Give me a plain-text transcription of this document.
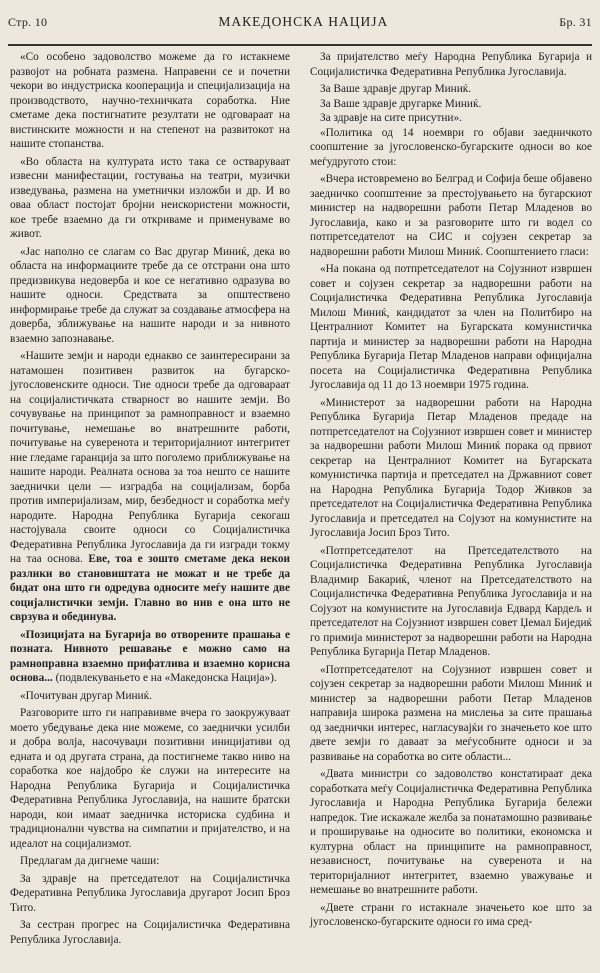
Стр. 10	МАКЕДОНСКА НАЦИЈА	Бр. 31

«Со особено задоволство можеме да го истакнеме развојот на робната размена. Направени се и почетни чекори во индустриска кооперација и специјализација на производството, научно-техничката соработка. Ние сметаме дека постигнатите резултати не одговараат на вистинските можности и на степенот на развитокот на нашите стопанства.

«Во областа на културата исто така се остваруваат извесни манифестации, гостувања на театри, музички изведувања, размена на уметнички изложби и др. И во оваа област постојат бројни неискористени можности, кое требе взаемно да ги откриваме и применуваме во живот.

«Јас наполно се слагам со Вас другар Миниќ, дека во областа на информациите требе да се отстрани она што предизвикува недоверба и кое се негативно одразува во нашите односи. Средствата за општествено информирање требе да служат за создавање атмосфера на доверба, зближување на нашите народи и за нивното взаемно запознавање.

«Нашите земји и народи еднакво се заинтересирани за натамошен позитивен развиток на бугарско-југословенските односи. Тие односи требе да одговараат на социјалистичката стварност во нашите земји. Во сочувување на принципот за рамноправност и взаемно почитување, немешање во внатрешните работи, почитување на суверенота и територијалниот интегритет ние гледаме гаранција за што поголемо приближување на нашите народи. Реалната основа за тоа нешто се нашите заеднички цели — изградба на социјализам, борба против империјализам, мир, безбедност и соработка меѓу народите. Народна Република Бугарија секогаш настојувала своите односи со Социјалистичка Федеративна Република Југославија да ги изгради токму на таа основа. Еве, тоа е зошто сметаме дека некои разлики во становиштата не можат и не требе да бидат она што ги одредува односите меѓу нашите две социјалистички земји. Главно во нив е она што не сврзува и обединува.

«Позицијата на Бугарија во отворените прашања е позната. Нивното решавање е можно само на рамноправна взаемно прифатлива и взаемно корисна основа... (подвлекуваньето е на «Македонска Нација»).

«Почитуван другар Миниќ.

Разговорите што ги направивме вчера го заокружуваат моето убедување дека ние можеме, со заеднички усилби и добра волја, насочуваџи позитивни иницијативи од едната и од другата страна, да постигнеме такво ниво на соработка кое најдобро ќе служи на интересите на Народна Република Бугарија и Социјалистичка Федеративна Република Југославија, на нашите братски народи, кои имаат заедничка историска судбина и традиционални чувства на симпатии и пријателство, и на идеалот на социјализмот.

Предлагам да дигнеме чаши:

За здравје на претседателот на Социјалистичка Федеративна Република Југославија другарот Јосип Броз Тито.

За сестран прогрес на Социјалистичка Федеративна Република Југославија.

За пријателство меѓу Народна Република Бугарија и Социјалистичка Федеративна Република Југославија.

За Ваше здравје другар Миниќ.
За Ваше здравје другарке Миниќ.
За здравје на сите присутни».

«Политика од 14 ноември го објави заедничкото соопштение за југословенско-бугарските односи во кое меѓудругото стои:

«Вчера истовремено во Белград и Софија беше објавено заедничко соопштение за престојувањето на бугарскиот министер на надворешни работи Петар Младенов во Југославија, како и за разговорите што ги водел со потпретседателот на СИС и сојузен секретар за надворешни работи Милош Миниќ. Соопштението гласи:

«На покана од потпретседателот на Сојузниот извршен совет и сојузен секретар за надворешни работи на Социјалистичка Федеративна Република Југославија Милош Миниќ, кандидатот за член на Политбиро на Централниот Комитет на Бугарската комунистичка партија и министер за надворешни работи на Народна Република Бугарија Петар Младенов направи официјална посета на Социјалистичка Федеративна Република Југославија од 11 до 13 ноември 1975 година.

«Министерот за надворешни работи на Народна Република Бугарија Петар Младенов предаде на потпретседателот на Сојузниот извршен совет и министер за надворешни работи Милош Миниќ порака од првиот секретар на Централниот Комитет на Бугарската комунистичка партија и претседател на Државниот совет на Народна Република Бугарија Тодор Живков за претседателот на Социјалистичка Федеративна Република Југославија и претседател на Сојузот на комунистите на Југославија Јосип Броз Тито.

«Потпретседателот на Претседателството на Социјалистичка Федеративна Република Југославија Владимир Бакариќ, членот на Претседателството на Социјалистичка Федеративна Република Југославија и на Сојузот на комунистите на Југославија Едвард Кардељ и претседателот на Сојузниот извршен совет Џемал Биједиќ го примија министерот за надворешни работи на Народна Република Бугарија Петар Младенов.

«Потпретседателот на Сојузниот извршен совет и сојузен секретар за надворешни работи Милош Миниќ и министер за надворешни работи Петар Младенов направија широка размена на мислења за сите прашања од заеднички интерес, нагласувајќи го значењето кое што двете земји го даваат за меѓусобните односи и за развивање на соработка во сите области...

«Двата министри со задоволство констатираат дека соработката меѓу Социјалистичка Федеративна Република Југославија и Народна Република Бугарија бележи напредок. Тие искажале желба за понатамошно развивање и проширување на односите во политики, економска и културна област на принципите на рамноправност, независност, почитување на суверенота и на територијалниот интегритет, взаемно уважување и немешање во внатрешните работи.

«Двете страни го истакнале значењето кое што за југословенско-бугарските односи го има сред-
